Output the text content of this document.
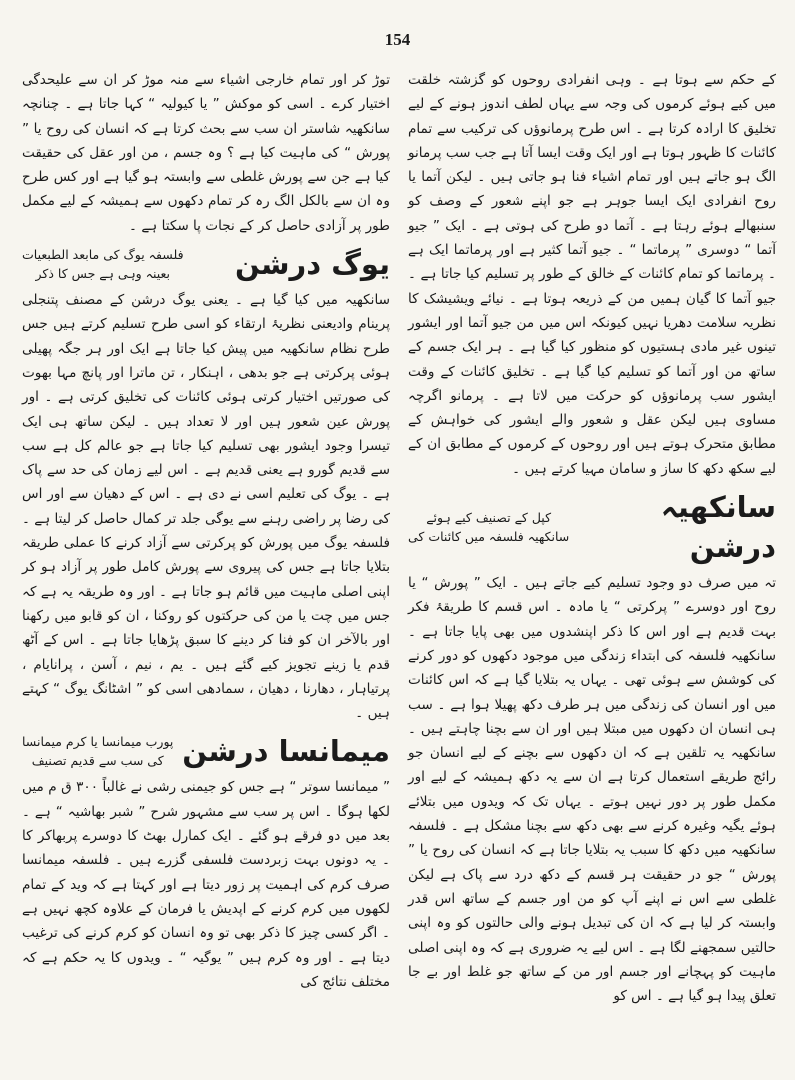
154

کے حکم سے ہوتا ہے ۔ وہی انفرادی روحوں کو گزشتہ خلقت میں کیے ہوئے کرموں کی وجہ سے یہاں لطف اندوز ہونے کے لیے تخلیق کا ارادہ کرتا ہے ۔ اس طرح پرمانوؤں کی ترکیب سے تمام کائنات کا ظہور ہوتا ہے اور ایک وقت ایسا آتا ہے جب سب پرمانو الگ ہو جاتے ہیں اور تمام اشیاء فنا ہو جاتی ہیں ۔ لیکن آتما یا روح انفرادی ایک ایسا جوہر ہے جو اپنے شعور کے وصف کو سنبھالے ہوئے رہتا ہے ۔ آتما دو طرح کی ہوتی ہے ۔ ایک ” جیو آتما “ دوسری ” پرماتما “ ۔ جیو آتما کثیر ہے اور پرماتما ایک ہے ۔ پرماتما کو تمام کائنات کے خالق کے طور پر تسلیم کیا جاتا ہے ۔ جیو آتما کا گیان ہمیں من کے ذریعہ ہوتا ہے ۔ نیائے ویشیشک کا نظریہ سلامت دھریا نہیں کیونکہ اس میں من جیو آتما اور ایشور تینوں غیر مادی ہستیوں کو منظور کیا گیا ہے ۔ ہر ایک جسم کے ساتھ من اور آتما کو تسلیم کیا گیا ہے ۔ تخلیق کائنات کے وقت ایشور سب پرمانوؤں کو حرکت میں لاتا ہے ۔ پرمانو اگرچہ مساوی ہیں لیکن عقل و شعور والے ایشور کی خواہش کے مطابق متحرک ہوتے ہیں اور روحوں کے کرموں کے مطابق ان کے لیے سکھ دکھ کا ساز و سامان مہیا کرتے ہیں ۔

سانکھیہ درشن
کپل کے تصنیف کیے ہوئے
سانکھیہ فلسفہ میں کائنات کی

تہ میں صرف دو وجود تسلیم کیے جاتے ہیں ۔ ایک ” پورش “ یا روح اور دوسرے ” پرکرتی “ یا مادہ ۔ اس قسم کا طریقۂ فکر بہت قدیم ہے اور اس کا ذکر اپنشدوں میں بھی پایا جاتا ہے ۔ سانکھیہ فلسفہ کی ابتداء زندگی میں موجود دکھوں کو دور کرنے کی کوشش سے ہوئی تھی ۔ یہاں یہ بتلایا گیا ہے کہ اس کائنات میں اور انسان کی زندگی میں ہر طرف دکھ پھیلا ہوا ہے ۔ سب ہی انسان ان دکھوں میں مبتلا ہیں اور ان سے بچنا چاہتے ہیں ۔ سانکھیہ یہ تلقین ہے کہ ان دکھوں سے بچنے کے لیے انسان جو رائج طریقے استعمال کرتا ہے ان سے یہ دکھ ہمیشہ کے لیے اور مکمل طور پر دور نہیں ہوتے ۔ یہاں تک کہ ویدوں میں بتلائے ہوئے یگیہ وغیرہ کرنے سے بھی دکھ سے بچنا مشکل ہے ۔ فلسفہ سانکھیہ میں دکھ کا سبب یہ بتلایا جاتا ہے کہ انسان کی روح یا ” پورش “ جو در حقیقت ہر قسم کے دکھ درد سے پاک ہے لیکن غلطی سے اس نے اپنے آپ کو من اور جسم کے ساتھ اس قدر وابستہ کر لیا ہے کہ ان کی تبدیل ہونے والی حالتوں کو وہ اپنی حالتیں سمجھنے لگا ہے ۔ اس لیے یہ ضروری ہے کہ وہ اپنی اصلی ماہیت کو پہچانے اور جسم اور من کے ساتھ جو غلط اور بے جا تعلق پیدا ہو گیا ہے ۔ اس کو

توڑ کر اور تمام خارجی اشیاء سے منہ موڑ کر ان سے علیحدگی اختیار کرے ۔ اسی کو موکش ” یا کیولیہ “ کہا جاتا ہے ۔ چنانچہ سانکھیہ شاستر ان سب سے بحث کرتا ہے کہ انسان کی روح یا ” پورش “ کی ماہیت کیا ہے ؟ وہ جسم ، من اور عقل کی حقیقت کیا ہے جن سے پورش غلطی سے وابستہ ہو گیا ہے اور کس طرح وہ ان سے بالکل الگ رہ کر تمام دکھوں سے ہمیشہ کے لیے مکمل طور پر آزادی حاصل کر کے نجات پا سکتا ہے ۔

یوگ درشن
فلسفہ یوگ کی مابعد الطبعیات
بعینہ وہی ہے جس کا ذکر

سانکھیہ میں کیا گیا ہے ۔ یعنی یوگ درشن کے مصنف پتنجلی پرینام وادیعنی نظریۂ ارتقاء کو اسی طرح تسلیم کرتے ہیں جس طرح نظام سانکھیہ میں پیش کیا جاتا ہے ایک اور ہر جگہ پھیلی ہوئی پرکرتی ہے جو بدھی ، اہنکار ، تن ماترا اور پانچ مہا بھوت کی صورتیں اختیار کرتی ہوئی کائنات کی تخلیق کرتی ہے ۔ اور پورش عین شعور ہیں اور لا تعداد ہیں ۔ لیکن ساتھ ہی ایک تیسرا وجود ایشور بھی تسلیم کیا جاتا ہے جو عالم کل ہے سب سے قدیم گورو ہے یعنی قدیم ہے ۔ اس لیے زمان کی حد سے پاک ہے ۔ یوگ کی تعلیم اسی نے دی ہے ۔ اس کے دھیان سے اور اس کی رضا پر راضی رہنے سے یوگی جلد تر کمال حاصل کر لیتا ہے ۔ فلسفہ یوگ میں پورش کو پرکرتی سے آزاد کرنے کا عملی طریقہ بتلایا جاتا ہے جس کی پیروی سے پورش کامل طور پر آزاد ہو کر اپنی اصلی ماہیت میں قائم ہو جاتا ہے ۔ اور وہ طریقہ یہ ہے کہ جس میں چت یا من کی حرکتوں کو روکنا ، ان کو قابو میں رکھنا اور بالآخر ان کو فنا کر دینے کا سبق پڑھایا جاتا ہے ۔ اس کے آٹھ قدم یا زینے تجویز کیے گئے ہیں ۔ یم ، نیم ، آسن ، پرانایام ، پرتیاہار ، دھارنا ، دھیان ، سمادھی اسی کو ” اشٹانگ یوگ “ کہتے ہیں ۔

میمانسا درشن
پورب میمانسا یا کرم میمانسا
کی سب سے قدیم تصنیف

” میمانسا سوتر “ ہے جس کو جیمنی رشی نے غالباً ۳۰۰ ق م میں لکھا ہوگا ۔ اس پر سب سے مشہور شرح ” شبر بھاشیہ “ ہے ۔ بعد میں دو فرقے ہو گئے ۔ ایک کمارل بھٹ کا دوسرے پربھاکر کا ۔ یہ دونوں بہت زبردست فلسفی گزرے ہیں ۔ فلسفہ میمانسا صرف کرم کی اہمیت پر زور دیتا ہے اور کہتا ہے کہ وید کے تمام لکھوں میں کرم کرنے کے اپدیش یا فرمان کے علاوہ کچھ نہیں ہے ۔ اگر کسی چیز کا ذکر بھی تو وہ انسان کو کرم کرنے کی ترغیب دیتا ہے ۔ اور وہ کرم ہیں ” یوگیہ “ ۔ ویدوں کا یہ حکم ہے کہ مختلف نتائج کی
